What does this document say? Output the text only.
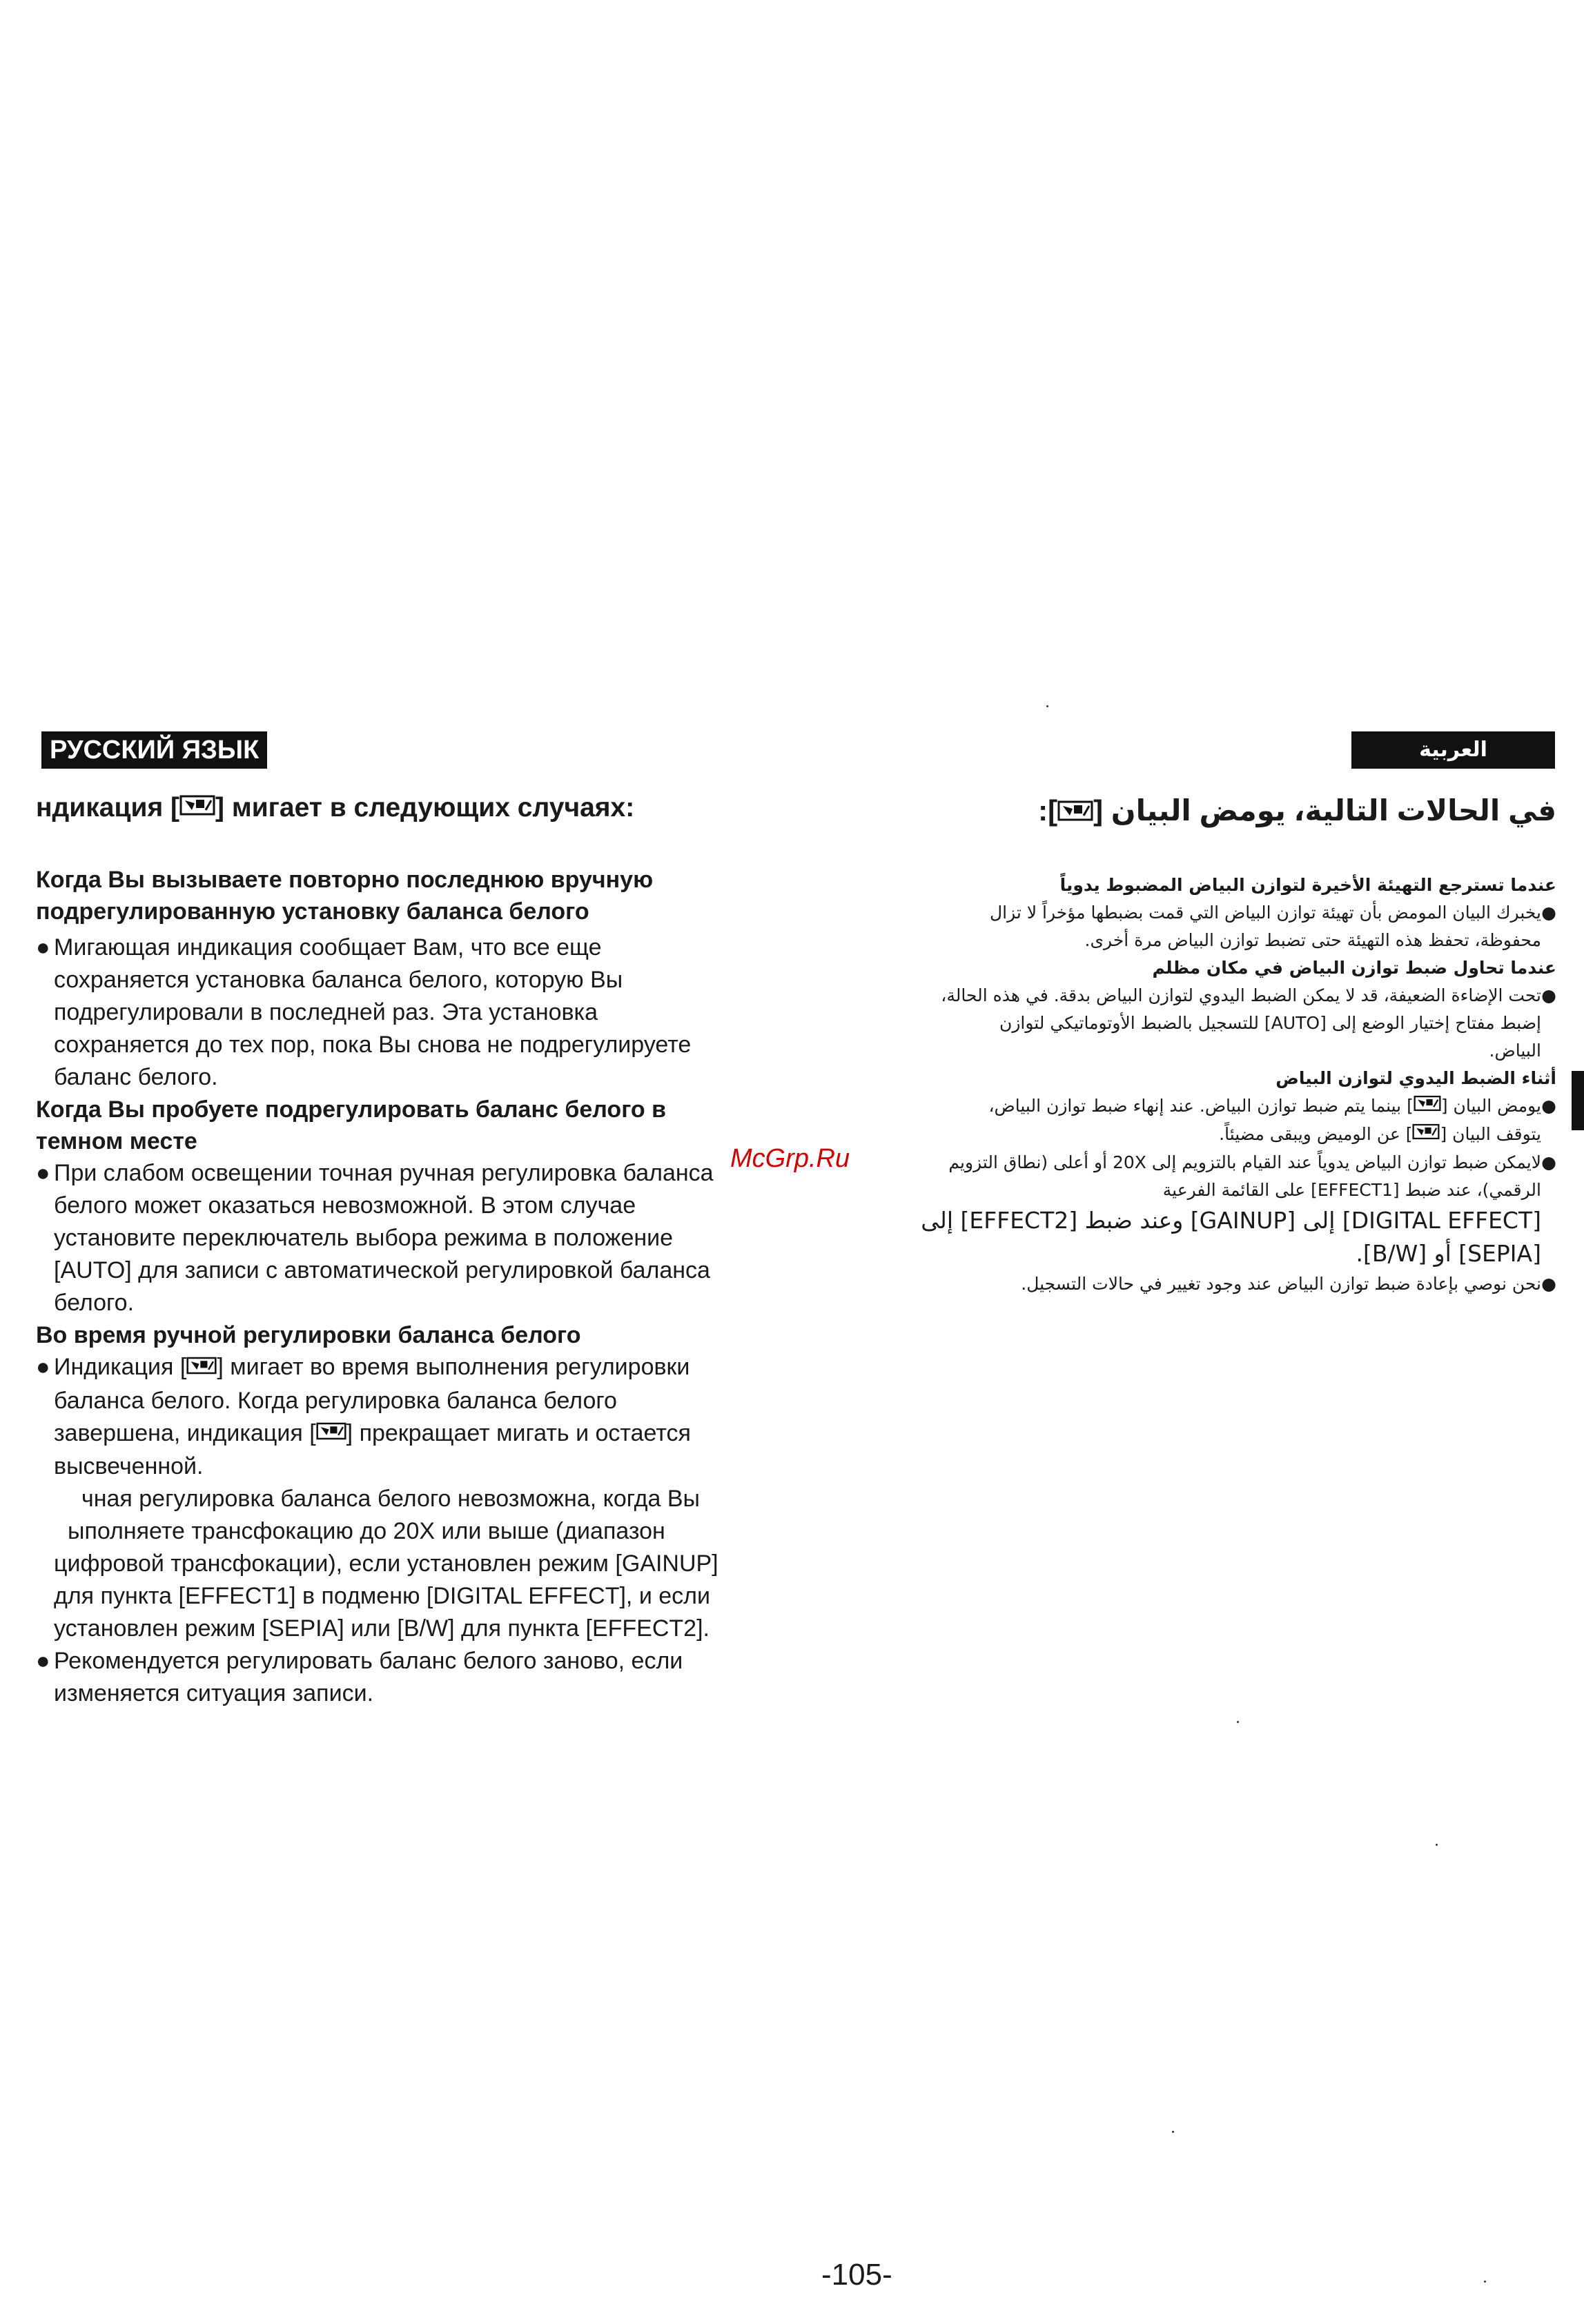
РУССКИЙ ЯЗЫК	العربية
ндикация [ ] мигает в следующих случаях:

Когда Вы вызываете повторно последнюю вручную

подрегулированную установку баланса белого

● Мигающая индикация сообщает Вам, что все еще
сохраняется установка баланса белого, которую Вы
подрегулировали в последней раз. Эта установка
сохраняется до тех пор, пока Вы снова не подрегулируете
баланс белого.

Когда Вы пробуете подрегулировать баланс белого в

темном месте

● При слабом освещении точная ручная регулировка баланса
белого может оказаться невозможной. В этом случае
установите переключатель выбора режима в положение
[AUTO] для записи с автоматической регулировкой баланса
белого.

Во время ручной регулировки баланса белого

● Индикация [ ] мигает во время выполнения регулировки
баланса белого. Когда регулировка баланса белого
завершена, индикация [ ] прекращает мигать и остается
высвеченной.
чная регулировка баланса белого невозможна, когда Вы
ыполняете трансфокацию до 20X или выше (диапазон
цифровой трансфокации), если установлен режим [GAINUP]
для пункта [EFFECT1] в подменю [DIGITAL EFFECT], и если
установлен режим [SEPIA] или [B/W] для пункта [EFFECT2].
● Рекомендуется регулировать баланс белого заново, если
изменяется ситуация записи.
في الحالات التالية، يومض البيان []:

عندما تسترجع التهيئة الأخيرة لتوازن البياض المضبوط يدوياً

●
يخبرك البيان المومض بأن تهيئة توازن البياض التي قمت بضبطها مؤخراً لا تزال
محفوظة، تحفظ هذه التهيئة حتى تضبط توازن البياض مرة أخرى.

عندما تحاول ضبط توازن البياض في مكان مظلم

●
تحت الإضاءة الضعيفة، قد لا يمكن الضبط اليدوي لتوازن البياض بدقة. في هذه الحالة،
إضبط مفتاح إختيار الوضع إلى [AUTO] للتسجيل بالضبط الأوتوماتيكي لتوازن
البياض.

أثناء الضبط اليدوي لتوازن البياض

●
يومض البيان [] بينما يتم ضبط توازن البياض. عند إنهاء ضبط توازن البياض،
يتوقف البيان [] عن الوميض ويبقى مضيئاً.
●
لايمكن ضبط توازن البياض يدوياً عند القيام بالتزويم إلى 20X أو أعلى (نطاق التزويم
الرقمي)، عند ضبط [EFFECT1] على القائمة الفرعية
[DIGITAL EFFECT] إلى [GAINUP] وعند ضبط [EFFECT2] إلى
[SEPIA] أو [B/W].
●
نحن نوصي بإعادة ضبط توازن البياض عند وجود تغيير في حالات التسجيل.
McGrp.Ru
-105-
